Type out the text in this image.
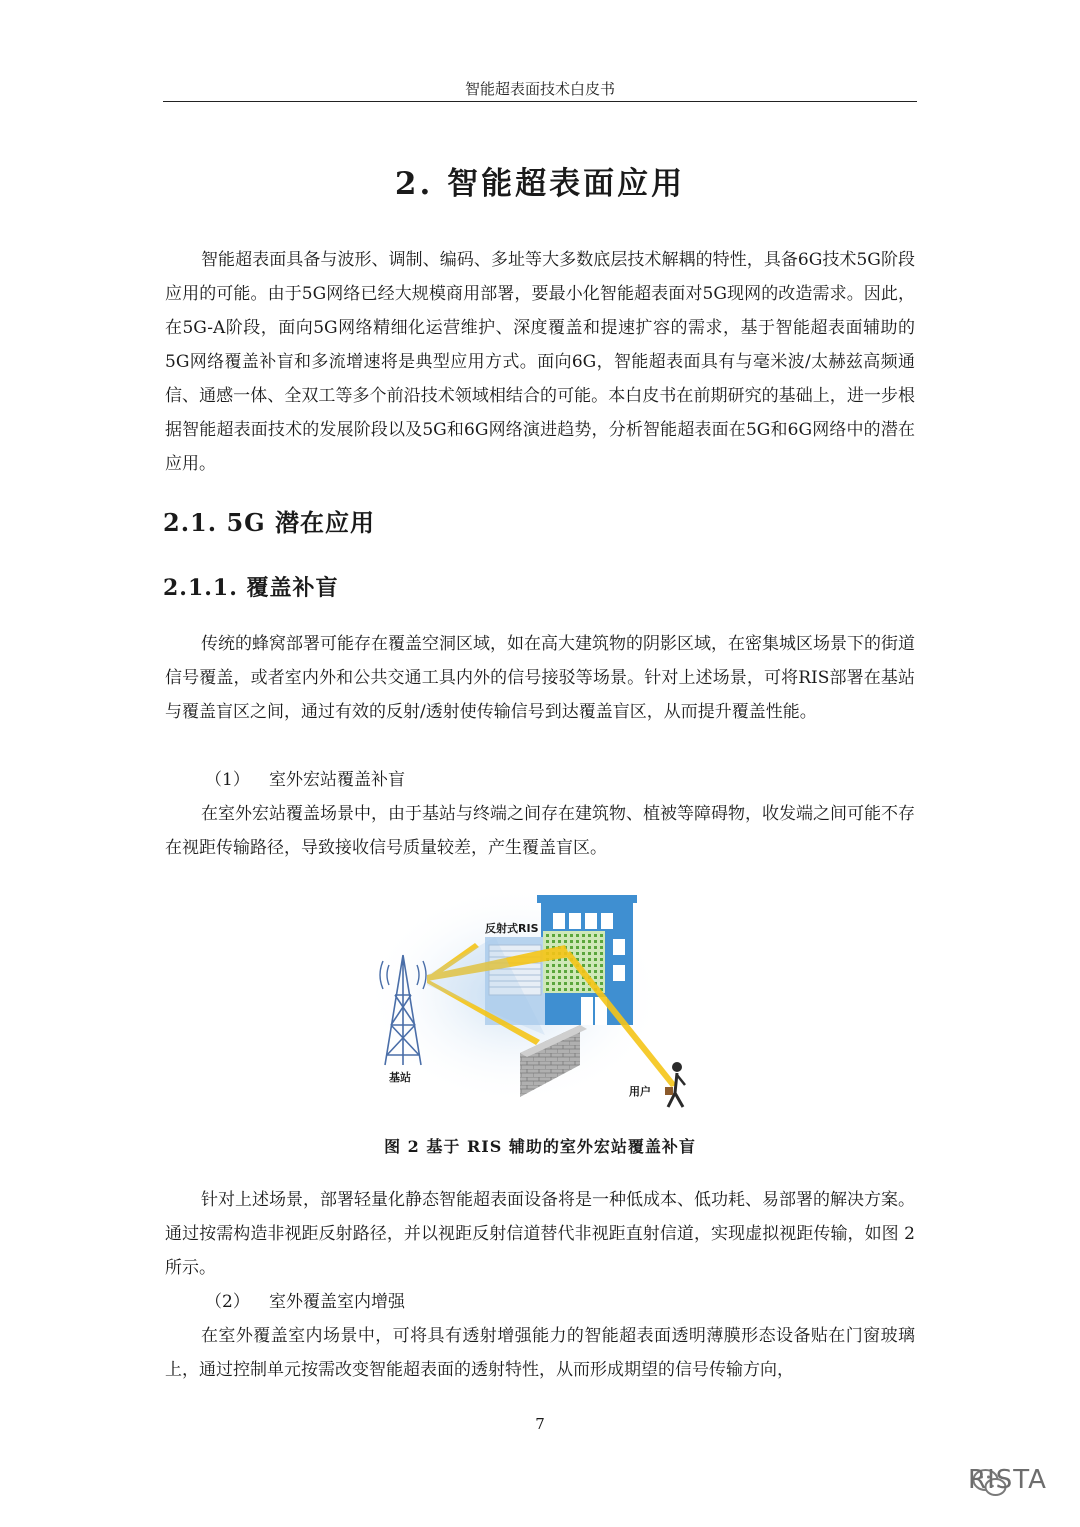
智能超表面技术白皮书
2. 智能超表面应用

智能超表面具备与波形、调制、编码、多址等大多数底层技术解耦的特性，具备6G技术5G阶段应用的可能。由于5G网络已经大规模商用部署，要最小化智能超表面对5G现网的改造需求。因此，在5G-A阶段，面向5G网络精细化运营维护、深度覆盖和提速扩容的需求，基于智能超表面辅助的5G网络覆盖补盲和多流增速将是典型应用方式。面向6G，智能超表面具有与毫米波/太赫兹高频通信、通感一体、全双工等多个前沿技术领域相结合的可能。本白皮书在前期研究的基础上，进一步根据智能超表面技术的发展阶段以及5G和6G网络演进趋势，分析智能超表面在5G和6G网络中的潜在应用。

2.1. 5G 潜在应用
2.1.1. 覆盖补盲

传统的蜂窝部署可能存在覆盖空洞区域，如在高大建筑物的阴影区域，在密集城区场景下的街道信号覆盖，或者室内外和公共交通工具内外的信号接驳等场景。针对上述场景，可将RIS部署在基站与覆盖盲区之间，通过有效的反射/透射使传输信号到达覆盖盲区，从而提升覆盖性能。

（1） 室外宏站覆盖补盲

在室外宏站覆盖场景中，由于基站与终端之间存在建筑物、植被等障碍物，收发端之间可能不存在视距传输路径，导致接收信号质量较差，产生覆盖盲区。

反射式RIS
基站
用户
图 2 基于 RIS 辅助的室外宏站覆盖补盲

针对上述场景，部署轻量化静态智能超表面设备将是一种低成本、低功耗、易部署的解决方案。通过按需构造非视距反射路径，并以视距反射信道替代非视距直射信道，实现虚拟视距传输，如图 2 所示。

（2） 室外覆盖室内增强

在室外覆盖室内场景中，可将具有透射增强能力的智能超表面透明薄膜形态设备贴在门窗玻璃上，通过控制单元按需改变智能超表面的透射特性，从而形成期望的信号传输方向，

7
RISTA
